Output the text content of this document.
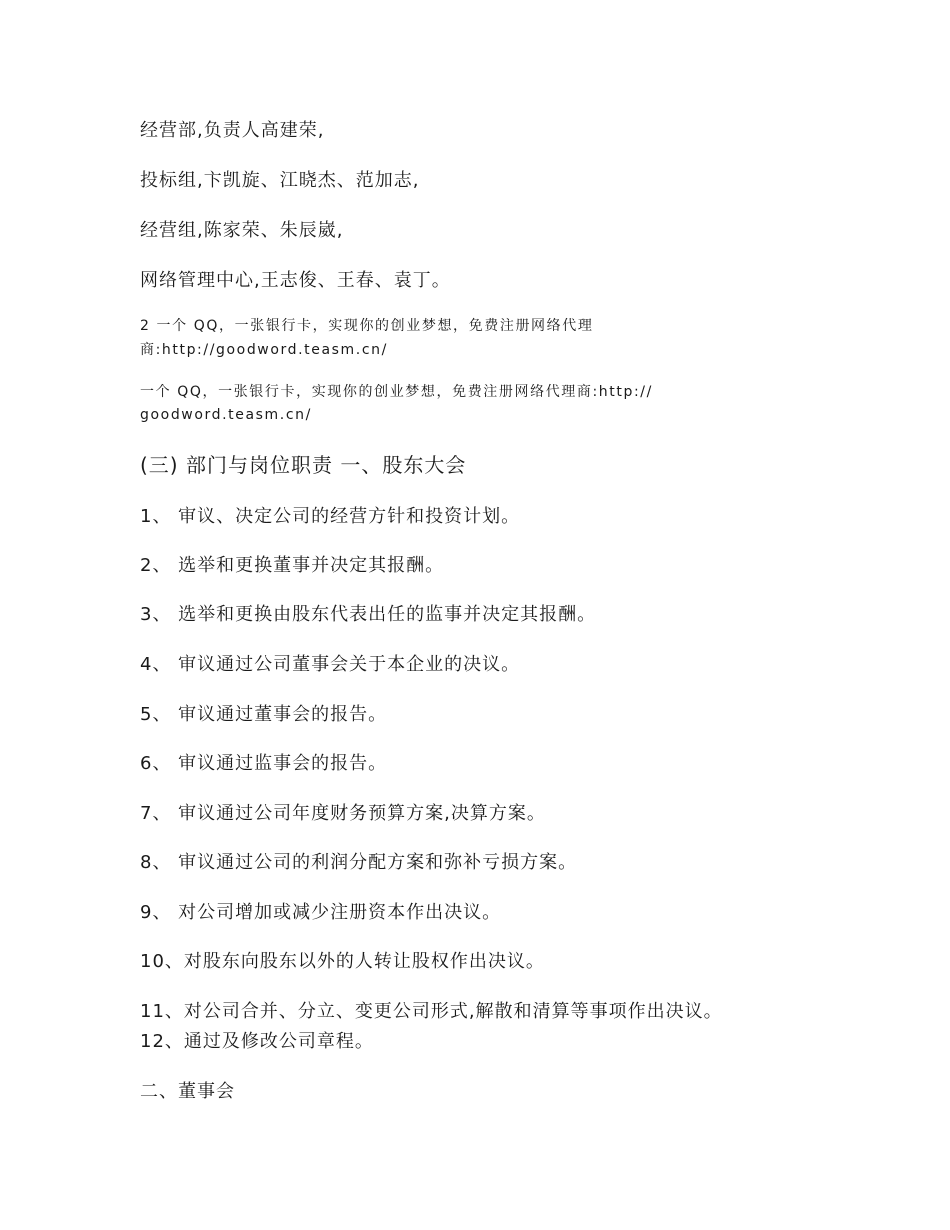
经营部,负责人高建荣,
投标组,卞凯旋、江晓杰、范加志,
经营组,陈家荣、朱辰崴,
网络管理中心,王志俊、王春、袁丁。
2 一个 QQ，一张银行卡，实现你的创业梦想，免费注册网络代理
商:http://goodword.teasm.cn/
一个 QQ，一张银行卡，实现你的创业梦想，免费注册网络代理商:http://
goodword.teasm.cn/
(三) 部门与岗位职责 一、股东大会
1、 审议、决定公司的经营方针和投资计划。
2、 选举和更换董事并决定其报酬。
3、 选举和更换由股东代表出任的监事并决定其报酬。
4、 审议通过公司董事会关于本企业的决议。
5、 审议通过董事会的报告。
6、 审议通过监事会的报告。
7、 审议通过公司年度财务预算方案,决算方案。
8、 审议通过公司的利润分配方案和弥补亏损方案。
9、 对公司增加或减少注册资本作出决议。
10、对股东向股东以外的人转让股权作出决议。
11、对公司合并、分立、变更公司形式,解散和清算等事项作出决议。
12、通过及修改公司章程。
二、董事会
